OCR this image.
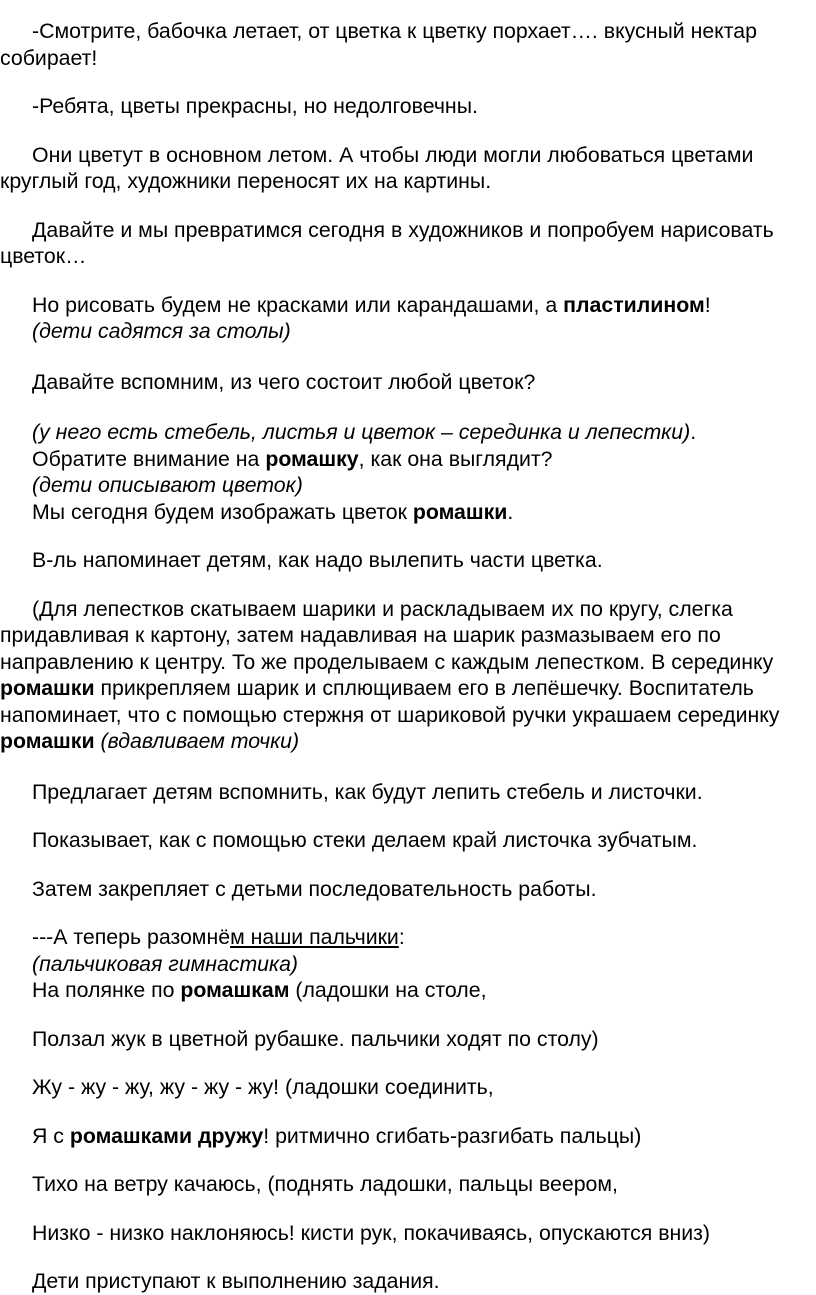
-Смотрите, бабочка летает, от цветка к цветку порхает…. вкусный нектар собирает!

-Ребята, цветы прекрасны, но недолговечны.

Они цветут в основном летом. А чтобы люди могли любоваться цветами круглый год, художники переносят их на картины.

Давайте и мы превратимся сегодня в художников и попробуем нарисовать цветок…

Но рисовать будем не красками или карандашами, а пластилином!
(дети садятся за столы)

Давайте вспомним, из чего состоит любой цветок?

(у него есть стебель, листья и цветок – серединка и лепестки).
Обратите внимание на ромашку, как она выглядит?
(дети описывают цветок)
Мы сегодня будем изображать цветок ромашки.

В-ль напоминает детям, как надо вылепить части цветка.

(Для лепестков скатываем шарики и раскладываем их по кругу, слегка придавливая к картону, затем надавливая на шарик размазываем его по направлению к центру. То же проделываем с каждым лепестком. В серединку ромашки прикрепляем шарик и сплющиваем его в лепёшечку. Воспитатель напоминает, что с помощью стержня от шариковой ручки украшаем серединку ромашки (вдавливаем точки)

Предлагает детям вспомнить, как будут лепить стебель и листочки.

Показывает, как с помощью стеки делаем край листочка зубчатым.

Затем закрепляет с детьми последовательность работы.

---А теперь разомнём наши пальчики:
(пальчиковая гимнастика)
На полянке по ромашкам (ладошки на столе,

Ползал жук в цветной рубашке. пальчики ходят по столу)

Жу - жу - жу, жу - жу - жу! (ладошки соединить,

Я с ромашками дружу! ритмично сгибать-разгибать пальцы)

Тихо на ветру качаюсь, (поднять ладошки, пальцы веером,

Низко - низко наклоняюсь! кисти рук, покачиваясь, опускаются вниз)

Дети приступают к выполнению задания.
